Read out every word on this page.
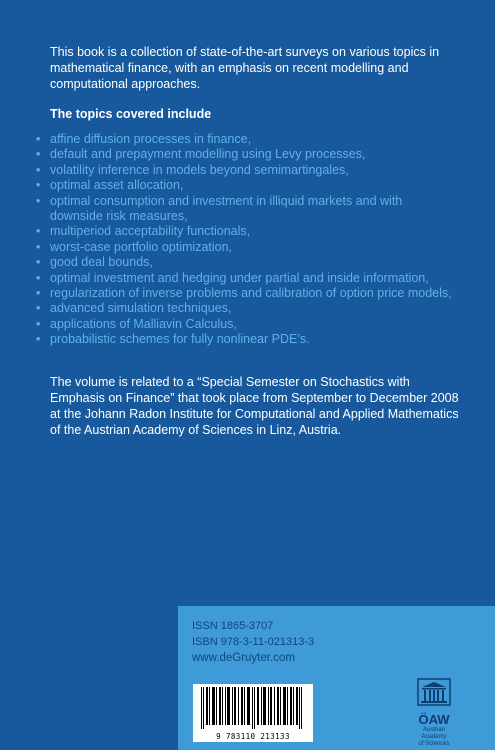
This book is a collection of state-of-the-art surveys on various topics in mathematical finance, with an emphasis on recent modelling and computational approaches.
The topics covered include
• affine diffusion processes in finance,
• default and prepayment modelling using Levy processes,
• volatility inference in models beyond semimartingales,
• optimal asset allocation,
• optimal consumption and investment in illiquid markets and with downside risk measures,
• multiperiod acceptability functionals,
• worst-case portfolio optimization,
• good deal bounds,
• optimal investment and hedging under partial and inside information,
• regularization of inverse problems and calibration of option price models,
• advanced simulation techniques,
• applications of Malliavin Calculus,
• probabilistic schemes for fully nonlinear PDE’s.
The volume is related to a “Special Semester on Stochastics with Emphasis on Finance” that took place from September to December 2008 at the Johann Radon Institute for Computational and Applied Mathematics of the Austrian Academy of Sciences in Linz, Austria.
ISSN 1865-3707
ISBN 978-3-11-021313-3
www.deGruyter.com
9 783110 213133
ÖAW
Austrian Academy
of Sciences
